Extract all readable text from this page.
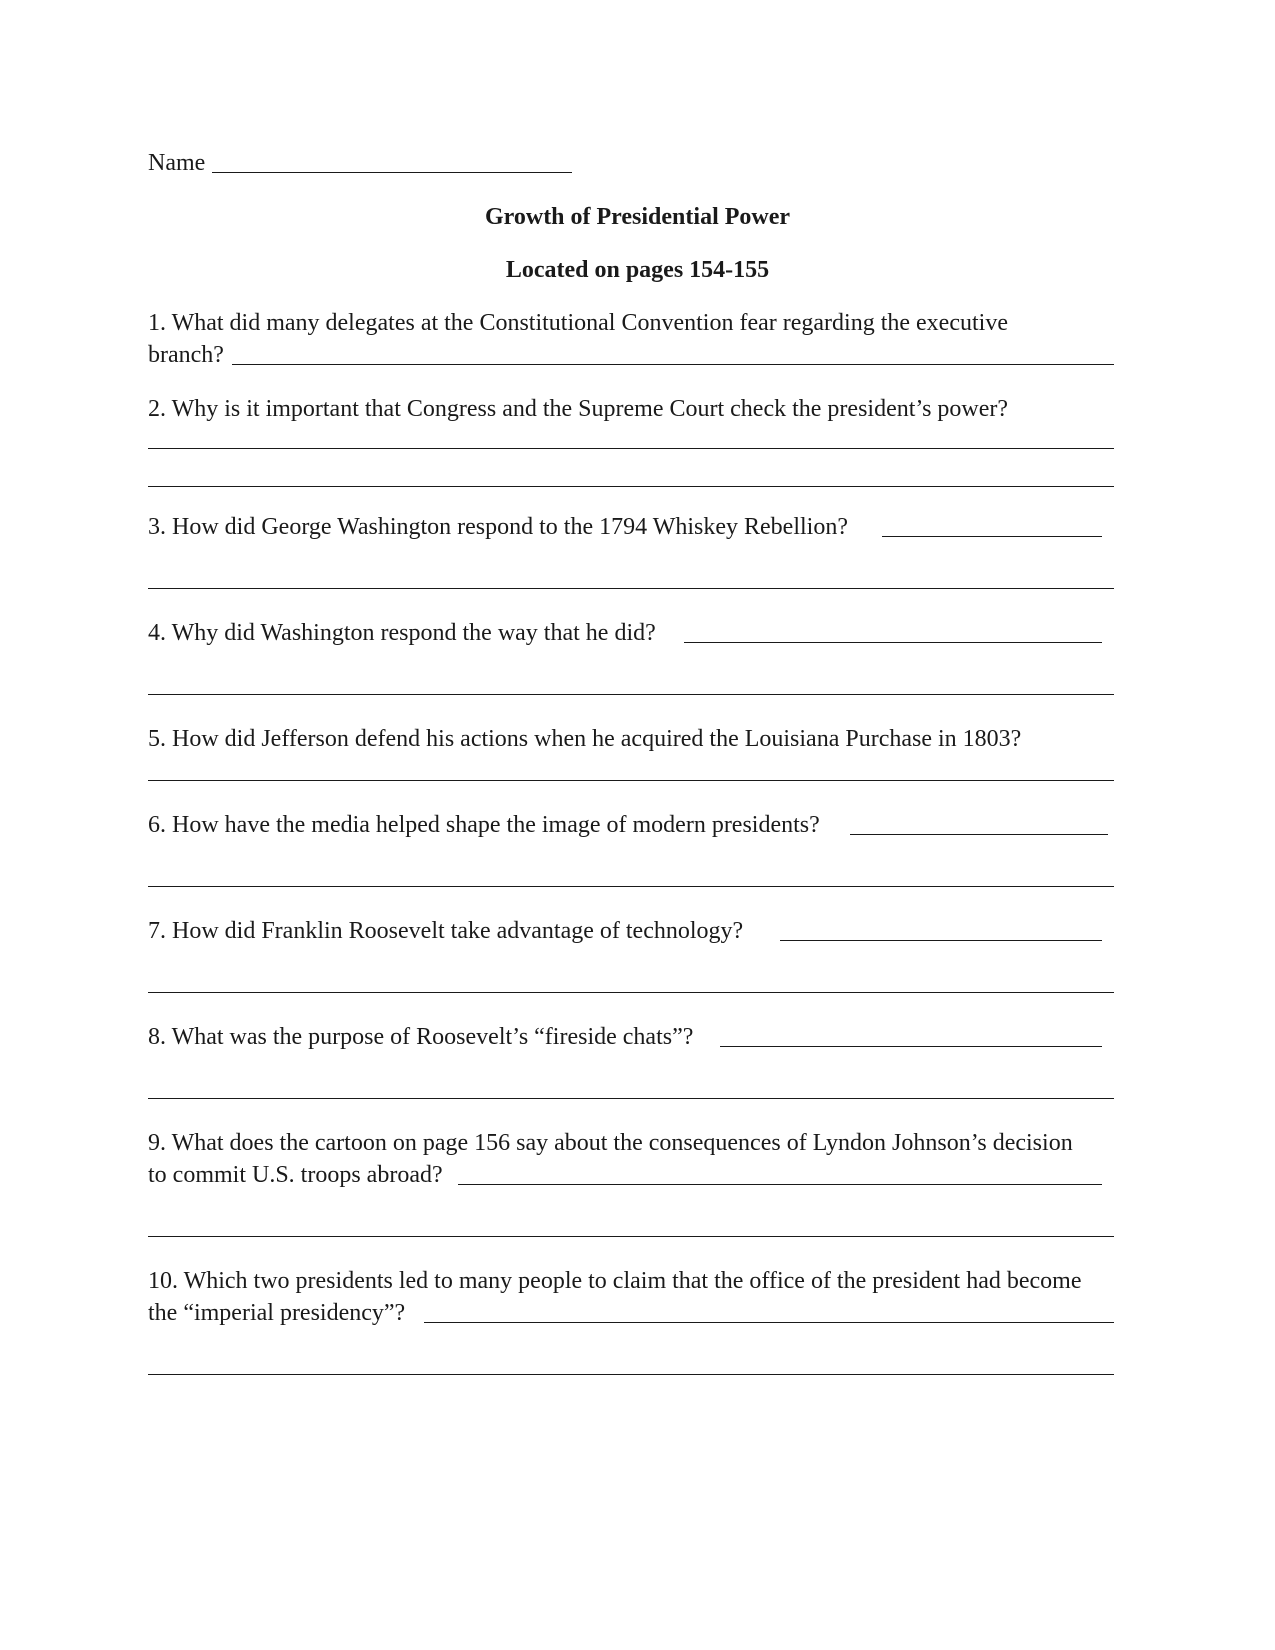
Name
Growth of Presidential Power
Located on pages 154-155
1. What did many delegates at the Constitutional Convention fear regarding the executive
branch?
2. Why is it important that Congress and the Supreme Court check the president’s power?
3. How did George Washington respond to the 1794 Whiskey Rebellion?
4. Why did Washington respond the way that he did?
5. How did Jefferson defend his actions when he acquired the Louisiana Purchase in 1803?
6. How have the media helped shape the image of modern presidents?
7. How did Franklin Roosevelt take advantage of technology?
8. What was the purpose of Roosevelt’s “fireside chats”?
9. What does the cartoon on page 156 say about the consequences of Lyndon Johnson’s decision
to commit U.S. troops abroad?
10. Which two presidents led to many people to claim that the office of the president had become
the “imperial presidency”?
